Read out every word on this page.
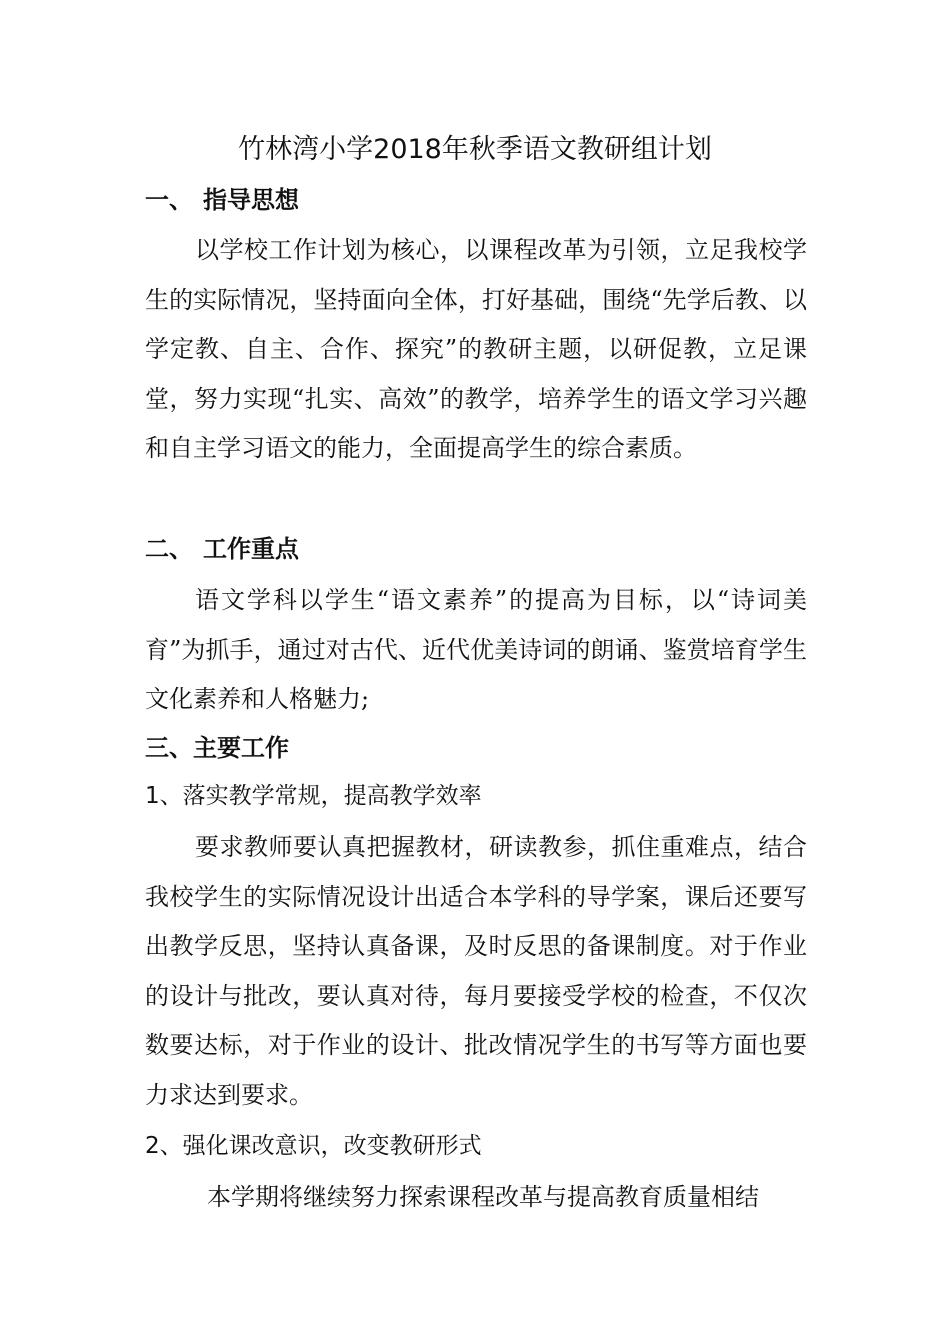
竹林湾小学2018年秋季语文教研组计划
一、 指导思想

以学校工作计划为核心，以课程改革为引领，立足我校学生的实际情况，坚持面向全体，打好基础，围绕“先学后教、以学定教、自主、合作、探究”的教研主题，以研促教，立足课堂，努力实现“扎实、高效”的教学，培养学生的语文学习兴趣和自主学习语文的能力，全面提高学生的综合素质。

二、 工作重点

语文学科以学生“语文素养”的提高为目标，以“诗词美育”为抓手，通过对古代、近代优美诗词的朗诵、鉴赏培育学生文化素养和人格魅力;

三、主要工作
1、落实教学常规，提高教学效率

要求教师要认真把握教材，研读教参，抓住重难点，结合我校学生的实际情况设计出适合本学科的导学案，课后还要写出教学反思，坚持认真备课，及时反思的备课制度。对于作业的设计与批改，要认真对待，每月要接受学校的检查，不仅次数要达标，对于作业的设计、批改情况学生的书写等方面也要力求达到要求。

2、强化课改意识，改变教研形式

本学期将继续努力探索课程改革与提高教育质量相结
